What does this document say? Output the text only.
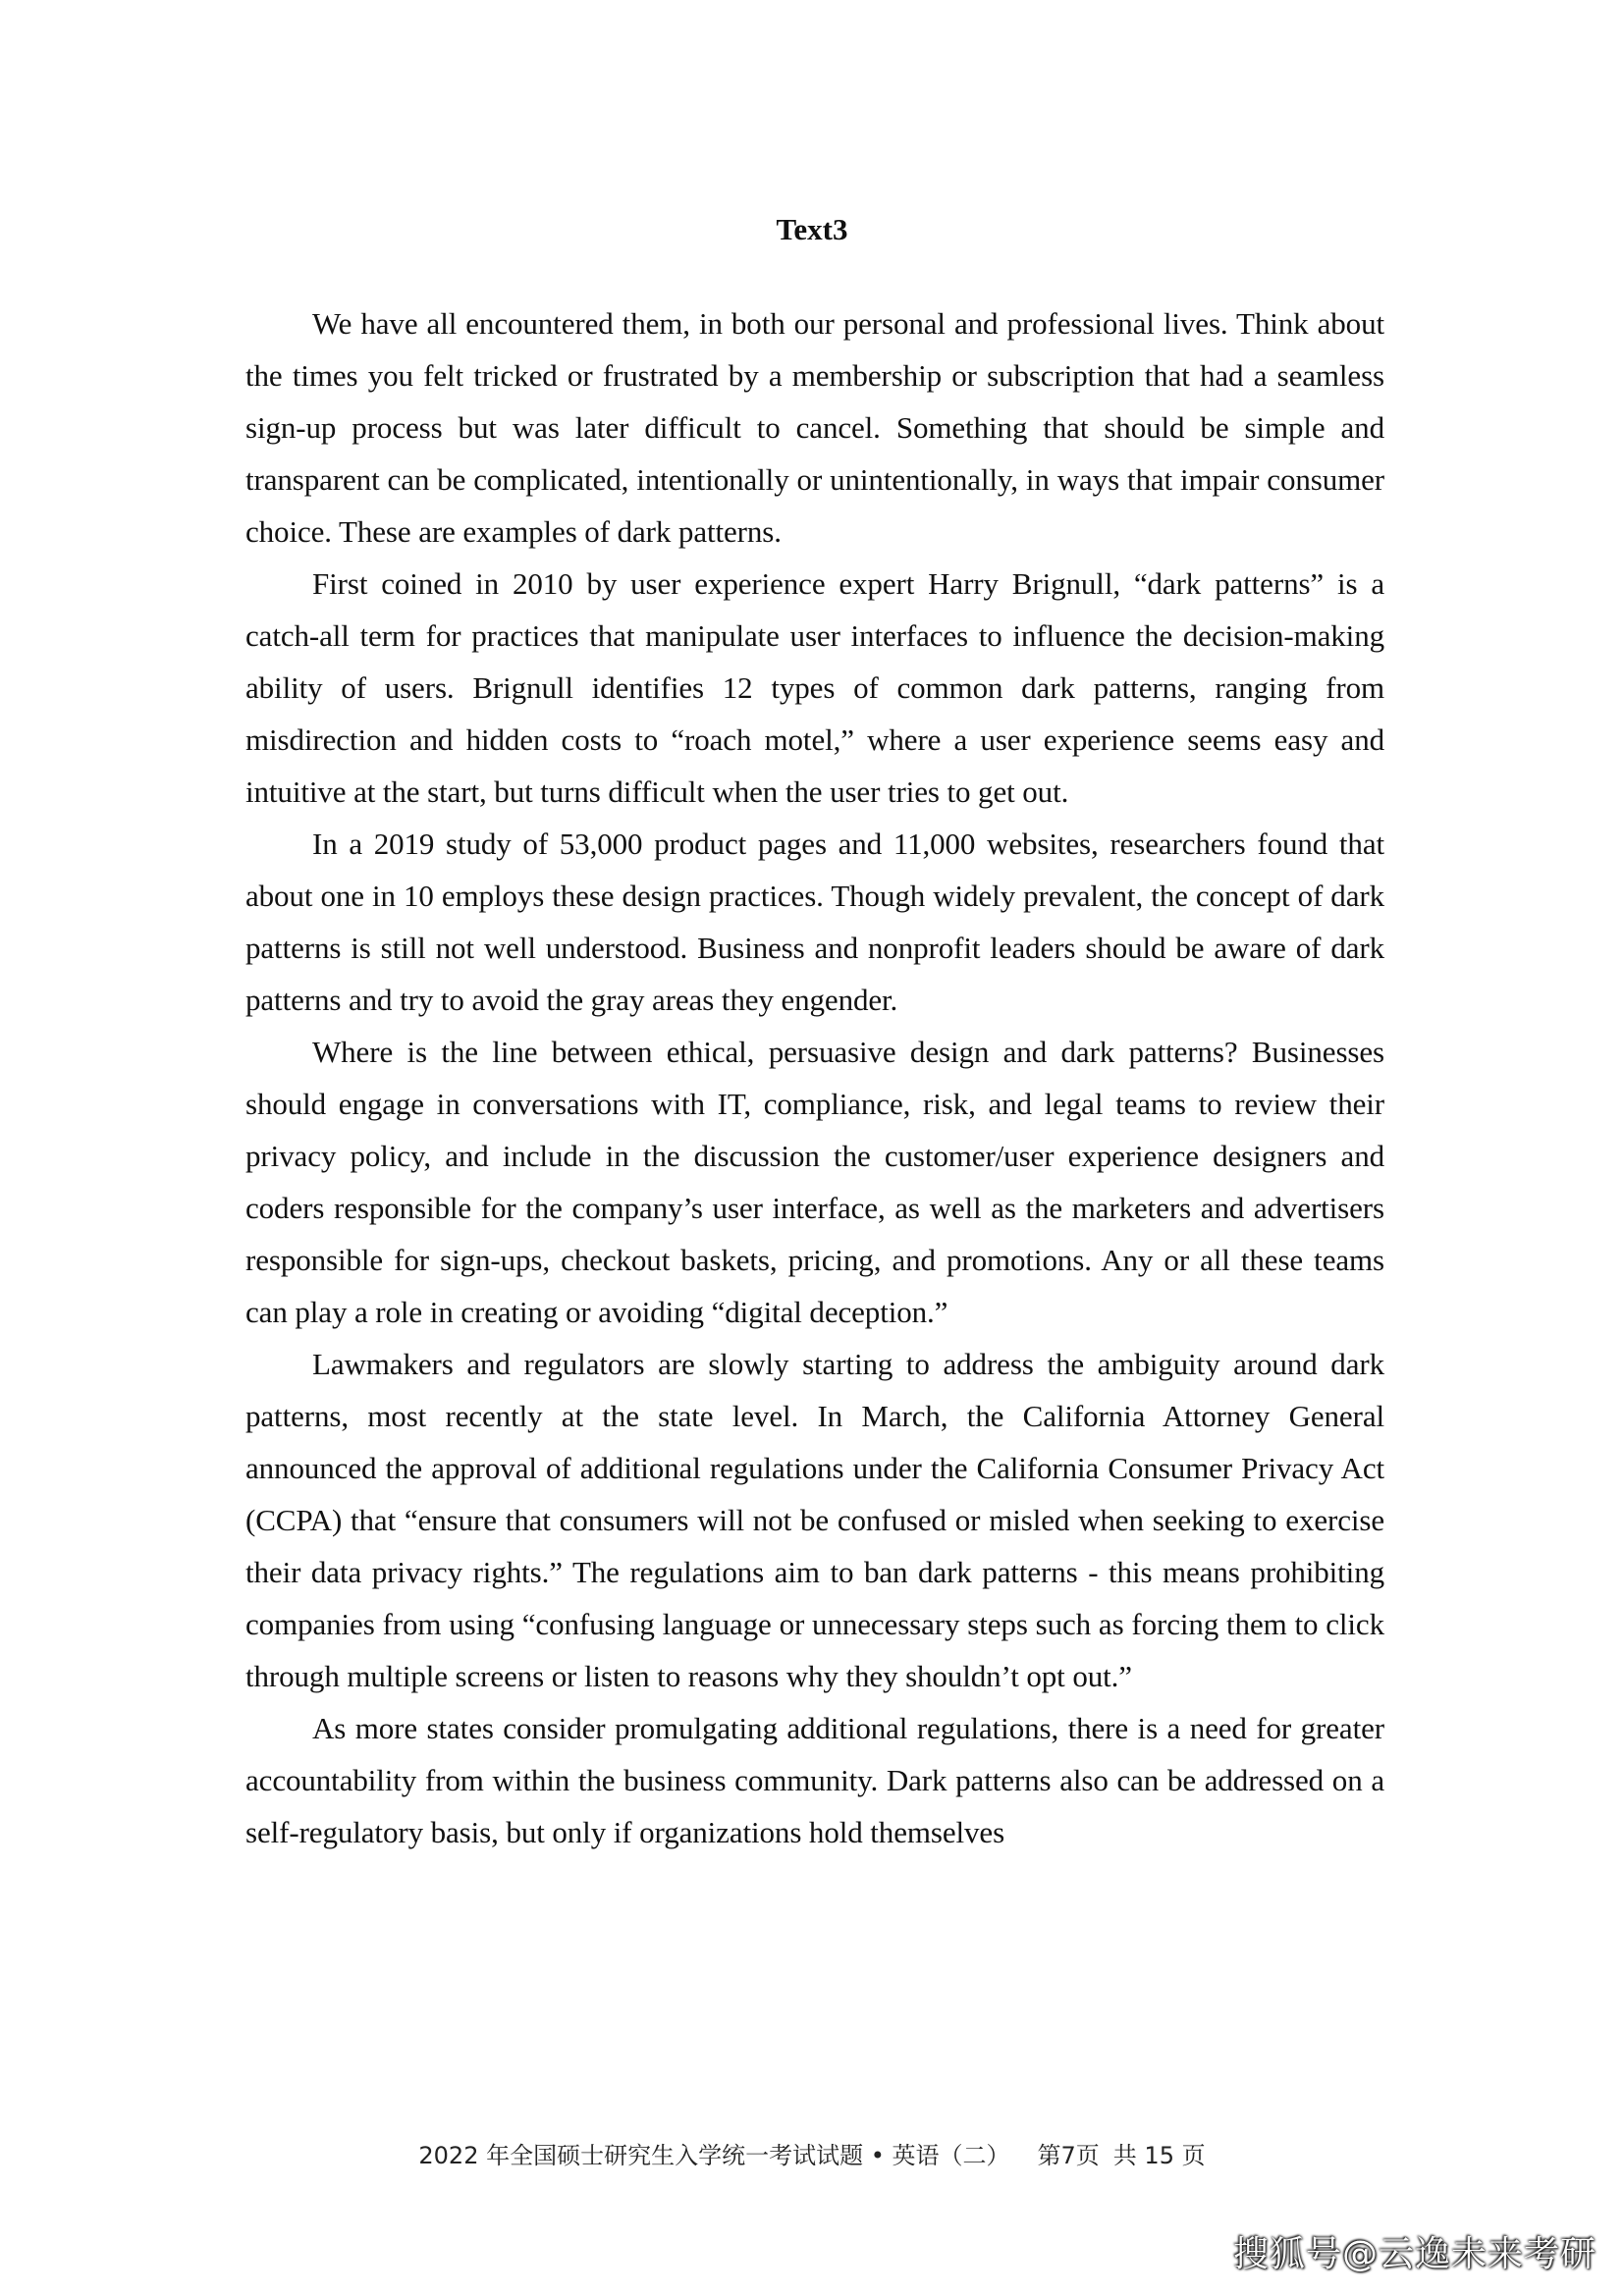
Text3

We have all encountered them, in both our personal and professional lives. Think about the times you felt tricked or frustrated by a membership or subscription that had a seamless sign-up process but was later difficult to cancel. Something that should be simple and transparent can be complicated, intentionally or unintentionally, in ways that impair consumer choice. These are examples of dark patterns.

First coined in 2010 by user experience expert Harry Brignull, “dark patterns” is a catch-all term for practices that manipulate user interfaces to influence the decision-making ability of users. Brignull identifies 12 types of common dark patterns, ranging from misdirection and hidden costs to “roach motel,” where a user experience seems easy and intuitive at the start, but turns difficult when the user tries to get out.

In a 2019 study of 53,000 product pages and 11,000 websites, researchers found that about one in 10 employs these design practices. Though widely prevalent, the concept of dark patterns is still not well understood. Business and nonprofit leaders should be aware of dark patterns and try to avoid the gray areas they engender.

Where is the line between ethical, persuasive design and dark patterns? Businesses should engage in conversations with IT, compliance, risk, and legal teams to review their privacy policy, and include in the discussion the customer/user experience designers and coders responsible for the company’s user interface, as well as the marketers and advertisers responsible for sign-ups, checkout baskets, pricing, and promotions. Any or all these teams can play a role in creating or avoiding “digital deception.”

Lawmakers and regulators are slowly starting to address the ambiguity around dark patterns, most recently at the state level. In March, the California Attorney General announced the approval of additional regulations under the California Consumer Privacy Act (CCPA) that “ensure that consumers will not be confused or misled when seeking to exercise their data privacy rights.” The regulations aim to ban dark patterns - this means prohibiting companies from using “confusing language or unnecessary steps such as forcing them to click through multiple screens or listen to reasons why they shouldn’t opt out.”

As more states consider promulgating additional regulations, there is a need for greater accountability from within the business community. Dark patterns also can be addressed on a self-regulatory basis, but only if organizations hold themselves

2022 年全国硕士研究生入学统一考试试题 • 英语（二） 第7页 共 15 页
搜狐号@云逸未来考研
